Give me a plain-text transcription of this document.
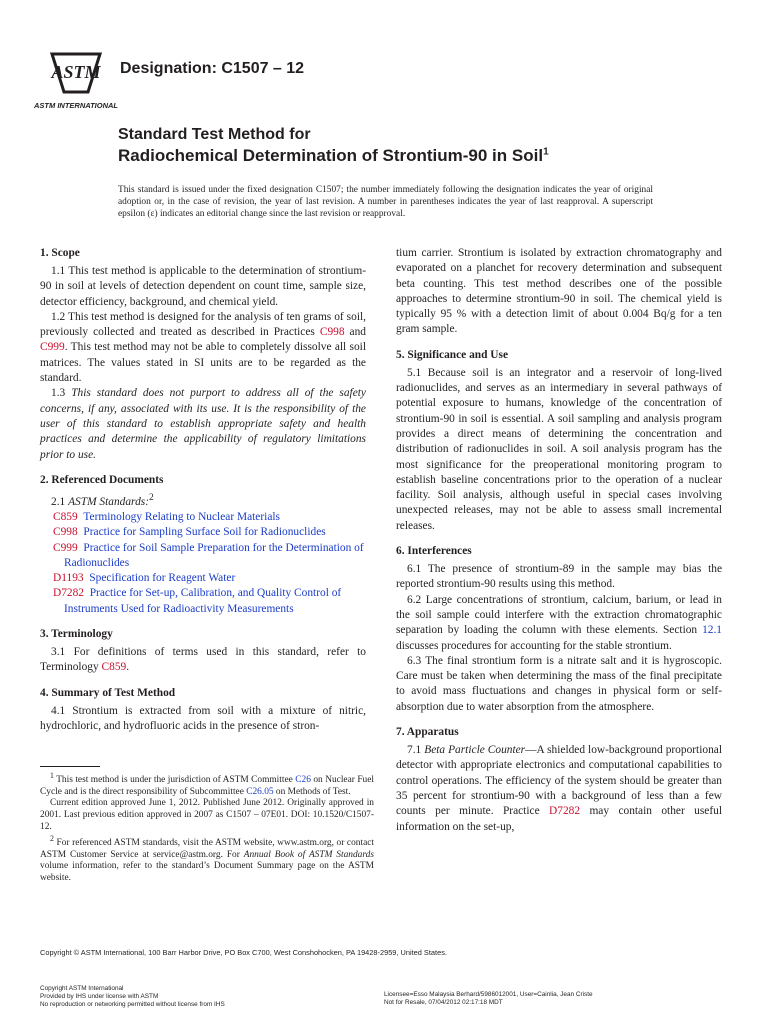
ASTM
ASTM INTERNATIONAL
Designation: C1507 – 12
Standard Test Method for
Radiochemical Determination of Strontium-90 in Soil$^1$
This standard is issued under the fixed designation C1507; the number immediately following the designation indicates the year of original adoption or, in the case of revision, the year of last revision. A number in parentheses indicates the year of last reapproval. A superscript epsilon (ε) indicates an editorial change since the last revision or reapproval.
1. Scope

1.1 This test method is applicable to the determination of strontium-90 in soil at levels of detection dependent on count time, sample size, detector efficiency, background, and chemical yield.

1.2 This test method is designed for the analysis of ten grams of soil, previously collected and treated as described in Practices C998 and C999. This test method may not be able to completely dissolve all soil matrices. The values stated in SI units are to be regarded as the standard.

1.3 This standard does not purport to address all of the safety concerns, if any, associated with its use. It is the responsibility of the user of this standard to establish appropriate safety and health practices and determine the applicability of regulatory limitations prior to use.

2. Referenced Documents

2.1 ASTM Standards:$^2$

C859 Terminology Relating to Nuclear Materials

C998 Practice for Sampling Surface Soil for Radionuclides

C999 Practice for Soil Sample Preparation for the Determination of Radionuclides

D1193 Specification for Reagent Water

D7282 Practice for Set-up, Calibration, and Quality Control of Instruments Used for Radioactivity Measurements

3. Terminology

3.1 For definitions of terms used in this standard, refer to Terminology C859.

4. Summary of Test Method

4.1 Strontium is extracted from soil with a mixture of nitric, hydrochloric, and hydrofluoric acids in the presence of stron-

tium carrier. Strontium is isolated by extraction chromatography and evaporated on a planchet for recovery determination and subsequent beta counting. This test method describes one of the possible approaches to determine strontium-90 in soil. The chemical yield is typically 95 % with a detection limit of about 0.004 Bq/g for a ten gram sample.

5. Significance and Use

5.1 Because soil is an integrator and a reservoir of long-lived radionuclides, and serves as an intermediary in several pathways of potential exposure to humans, knowledge of the concentration of strontium-90 in soil is essential. A soil sampling and analysis program provides a direct means of determining the concentration and distribution of radionuclides in soil. A soil analysis program has the most significance for the preoperational monitoring program to establish baseline concentrations prior to the operation of a nuclear facility. Soil analysis, although useful in special cases involving unexpected releases, may not be able to assess small incremental releases.

6. Interferences

6.1 The presence of strontium-89 in the sample may bias the reported strontium-90 results using this method.

6.2 Large concentrations of strontium, calcium, barium, or lead in the soil sample could interfere with the extraction chromatographic separation by loading the column with these elements. Section 12.1 discusses procedures for accounting for the stable strontium.

6.3 The final strontium form is a nitrate salt and it is hygroscopic. Care must be taken when determining the mass of the final precipitate to avoid mass fluctuations and changes in physical form or self-absorption due to water absorption from the atmosphere.

7. Apparatus

7.1 Beta Particle Counter—A shielded low-background proportional detector with appropriate electronics and computational capabilities to control operations. The efficiency of the system should be greater than 35 percent for strontium-90 with a background of less than a few counts per minute. Practice D7282 may contain other useful information on the set-up,

$^1$ This test method is under the jurisdiction of ASTM Committee C26 on Nuclear Fuel Cycle and is the direct responsibility of Subcommittee C26.05 on Methods of Test.

Current edition approved June 1, 2012. Published June 2012. Originally approved in 2001. Last previous edition approved in 2007 as C1507 – 07E01. DOI: 10.1520/C1507-12.

$^2$ For referenced ASTM standards, visit the ASTM website, www.astm.org, or contact ASTM Customer Service at service@astm.org. For Annual Book of ASTM Standards volume information, refer to the standard’s Document Summary page on the ASTM website.

Copyright © ASTM International, 100 Barr Harbor Drive, PO Box C700, West Conshohocken, PA 19428-2959, United States.
Copyright ASTM International
Provided by IHS under license with ASTM
No reproduction or networking permitted without license from IHS
Licensee=Esso Malaysia Berhard/5986012001, User=Cainlia, Jean Criste
Not for Resale, 07/04/2012 02:17:18 MDT
